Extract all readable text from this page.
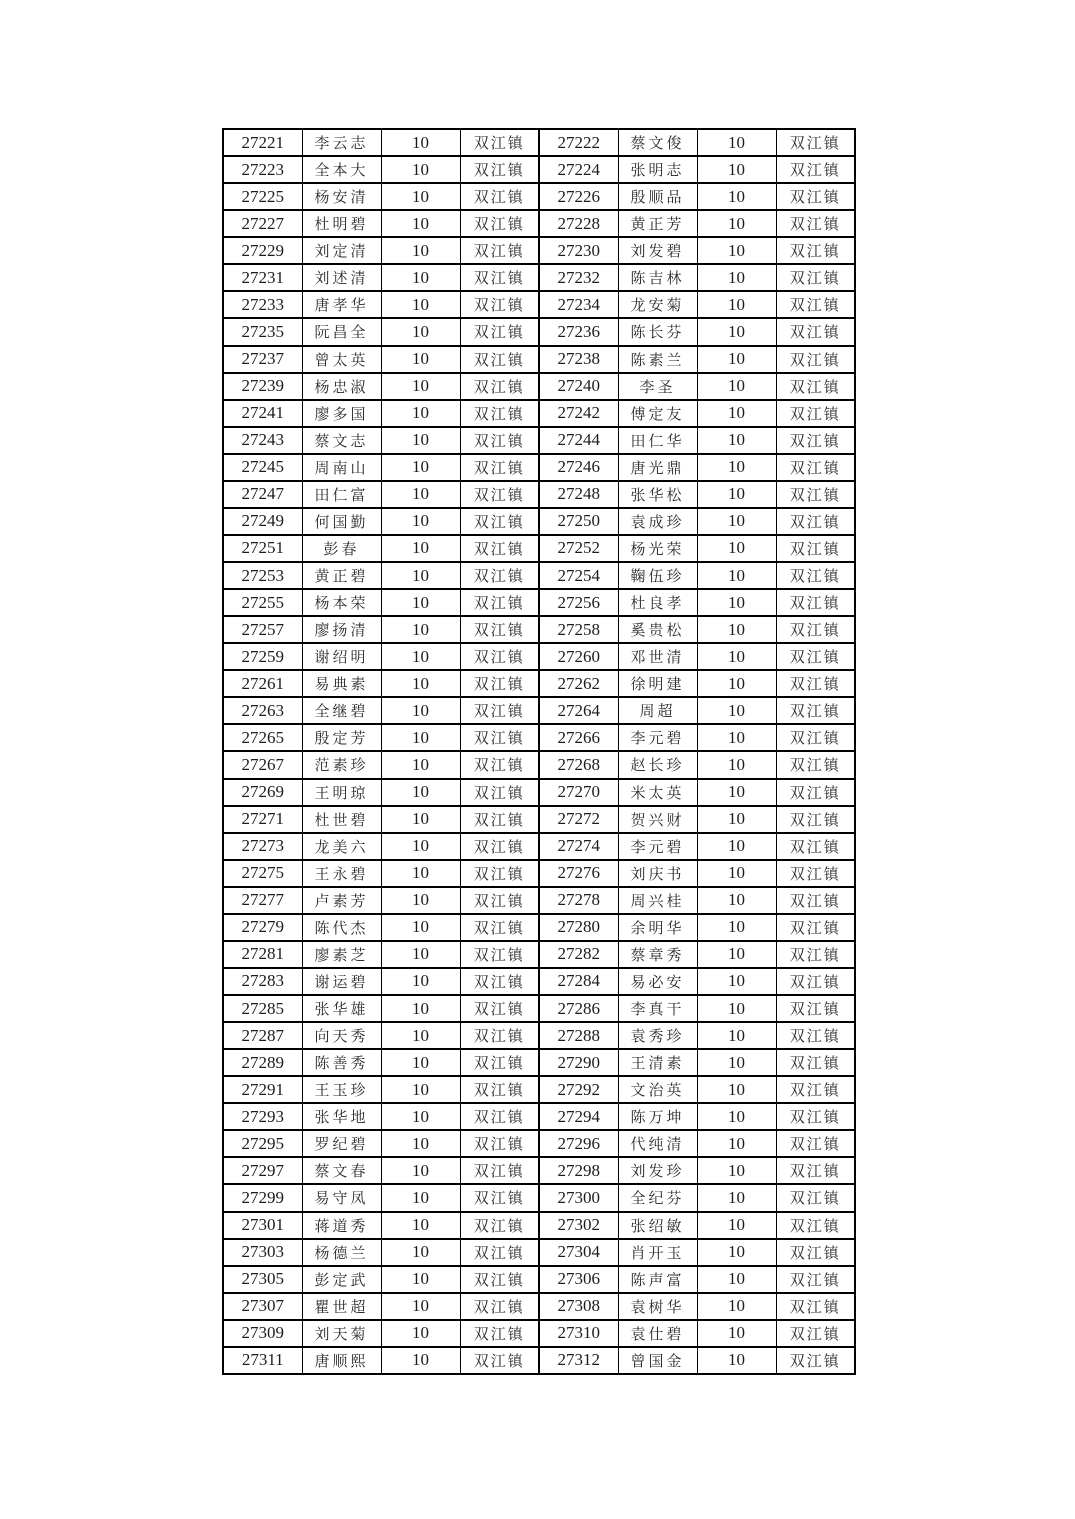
27221	李云志	10	双江镇	27222	蔡文俊	10	双江镇
27223	全本大	10	双江镇	27224	张明志	10	双江镇
27225	杨安清	10	双江镇	27226	殷顺品	10	双江镇
27227	杜明碧	10	双江镇	27228	黄正芳	10	双江镇
27229	刘定清	10	双江镇	27230	刘发碧	10	双江镇
27231	刘述清	10	双江镇	27232	陈吉林	10	双江镇
27233	唐孝华	10	双江镇	27234	龙安菊	10	双江镇
27235	阮昌全	10	双江镇	27236	陈长芬	10	双江镇
27237	曾太英	10	双江镇	27238	陈素兰	10	双江镇
27239	杨忠淑	10	双江镇	27240	李圣	10	双江镇
27241	廖多国	10	双江镇	27242	傅定友	10	双江镇
27243	蔡文志	10	双江镇	27244	田仁华	10	双江镇
27245	周南山	10	双江镇	27246	唐光鼎	10	双江镇
27247	田仁富	10	双江镇	27248	张华松	10	双江镇
27249	何国勤	10	双江镇	27250	袁成珍	10	双江镇
27251	彭春	10	双江镇	27252	杨光荣	10	双江镇
27253	黄正碧	10	双江镇	27254	鞠伍珍	10	双江镇
27255	杨本荣	10	双江镇	27256	杜良孝	10	双江镇
27257	廖扬清	10	双江镇	27258	奚贵松	10	双江镇
27259	谢绍明	10	双江镇	27260	邓世清	10	双江镇
27261	易典素	10	双江镇	27262	徐明建	10	双江镇
27263	全继碧	10	双江镇	27264	周超	10	双江镇
27265	殷定芳	10	双江镇	27266	李元碧	10	双江镇
27267	范素珍	10	双江镇	27268	赵长珍	10	双江镇
27269	王明琼	10	双江镇	27270	米太英	10	双江镇
27271	杜世碧	10	双江镇	27272	贺兴财	10	双江镇
27273	龙美六	10	双江镇	27274	李元碧	10	双江镇
27275	王永碧	10	双江镇	27276	刘庆书	10	双江镇
27277	卢素芳	10	双江镇	27278	周兴桂	10	双江镇
27279	陈代杰	10	双江镇	27280	余明华	10	双江镇
27281	廖素芝	10	双江镇	27282	蔡章秀	10	双江镇
27283	谢运碧	10	双江镇	27284	易必安	10	双江镇
27285	张华雄	10	双江镇	27286	李真干	10	双江镇
27287	向天秀	10	双江镇	27288	袁秀珍	10	双江镇
27289	陈善秀	10	双江镇	27290	王清素	10	双江镇
27291	王玉珍	10	双江镇	27292	文治英	10	双江镇
27293	张华地	10	双江镇	27294	陈万坤	10	双江镇
27295	罗纪碧	10	双江镇	27296	代纯清	10	双江镇
27297	蔡文春	10	双江镇	27298	刘发珍	10	双江镇
27299	易守凤	10	双江镇	27300	全纪芬	10	双江镇
27301	蒋道秀	10	双江镇	27302	张绍敏	10	双江镇
27303	杨德兰	10	双江镇	27304	肖开玉	10	双江镇
27305	彭定武	10	双江镇	27306	陈声富	10	双江镇
27307	瞿世超	10	双江镇	27308	袁树华	10	双江镇
27309	刘天菊	10	双江镇	27310	袁仕碧	10	双江镇
27311	唐顺熙	10	双江镇	27312	曾国金	10	双江镇
